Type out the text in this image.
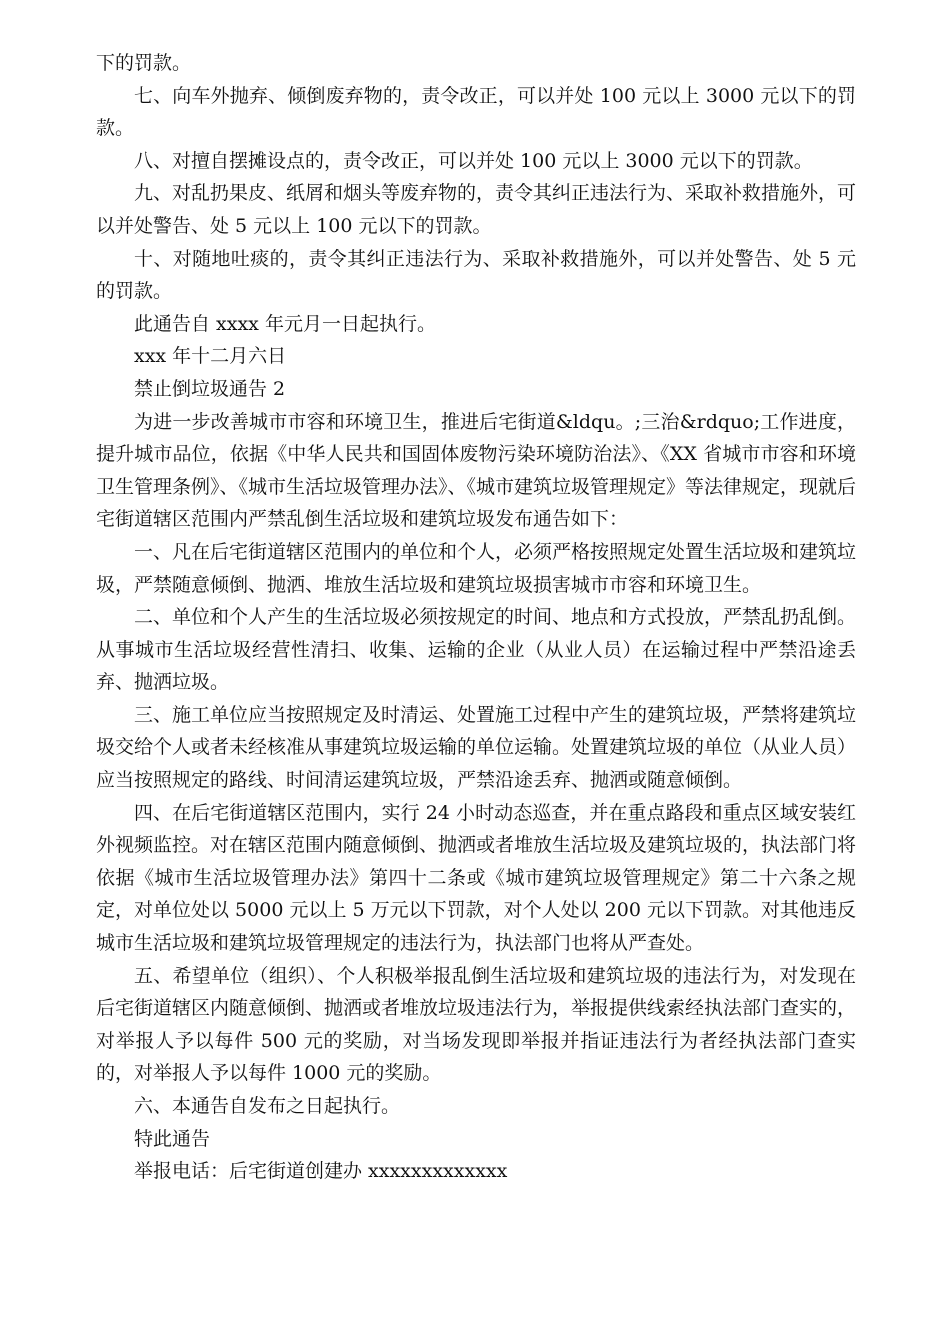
下的罚款。

七、向车外抛弃、倾倒废弃物的，责令改正，可以并处 100 元以上 3000 元以下的罚款。

八、对擅自摆摊设点的，责令改正，可以并处 100 元以上 3000 元以下的罚款。

九、对乱扔果皮、纸屑和烟头等废弃物的，责令其纠正违法行为、采取补救措施外，可以并处警告、处 5 元以上 100 元以下的罚款。

十、对随地吐痰的，责令其纠正违法行为、采取补救措施外，可以并处警告、处 5 元的罚款。

此通告自 xxxx 年元月一日起执行。

xxx 年十二月六日

禁止倒垃圾通告 2

为进一步改善城市市容和环境卫生，推进后宅街道&ldqu。;三治&rdquo;工作进度，提升城市品位，依据《中华人民共和国固体废物污染环境防治法》、《XX 省城市市容和环境卫生管理条例》、《城市生活垃圾管理办法》、《城市建筑垃圾管理规定》等法律规定，现就后宅街道辖区范围内严禁乱倒生活垃圾和建筑垃圾发布通告如下：

一、凡在后宅街道辖区范围内的单位和个人，必须严格按照规定处置生活垃圾和建筑垃圾，严禁随意倾倒、抛洒、堆放生活垃圾和建筑垃圾损害城市市容和环境卫生。

二、单位和个人产生的生活垃圾必须按规定的时间、地点和方式投放，严禁乱扔乱倒。从事城市生活垃圾经营性清扫、收集、运输的企业（从业人员）在运输过程中严禁沿途丢弃、抛洒垃圾。

三、施工单位应当按照规定及时清运、处置施工过程中产生的建筑垃圾，严禁将建筑垃圾交给个人或者未经核准从事建筑垃圾运输的单位运输。处置建筑垃圾的单位（从业人员）应当按照规定的路线、时间清运建筑垃圾，严禁沿途丢弃、抛洒或随意倾倒。

四、在后宅街道辖区范围内，实行 24 小时动态巡查，并在重点路段和重点区域安装红外视频监控。对在辖区范围内随意倾倒、抛洒或者堆放生活垃圾及建筑垃圾的，执法部门将依据《城市生活垃圾管理办法》第四十二条或《城市建筑垃圾管理规定》第二十六条之规定，对单位处以 5000 元以上 5 万元以下罚款，对个人处以 200 元以下罚款。对其他违反城市生活垃圾和建筑垃圾管理规定的违法行为，执法部门也将从严查处。

五、希望单位（组织）、个人积极举报乱倒生活垃圾和建筑垃圾的违法行为，对发现在后宅街道辖区内随意倾倒、抛洒或者堆放垃圾违法行为，举报提供线索经执法部门查实的，对举报人予以每件 500 元的奖励，对当场发现即举报并指证违法行为者经执法部门查实的，对举报人予以每件 1000 元的奖励。

六、本通告自发布之日起执行。

特此通告

举报电话：后宅街道创建办 xxxxxxxxxxxxx
